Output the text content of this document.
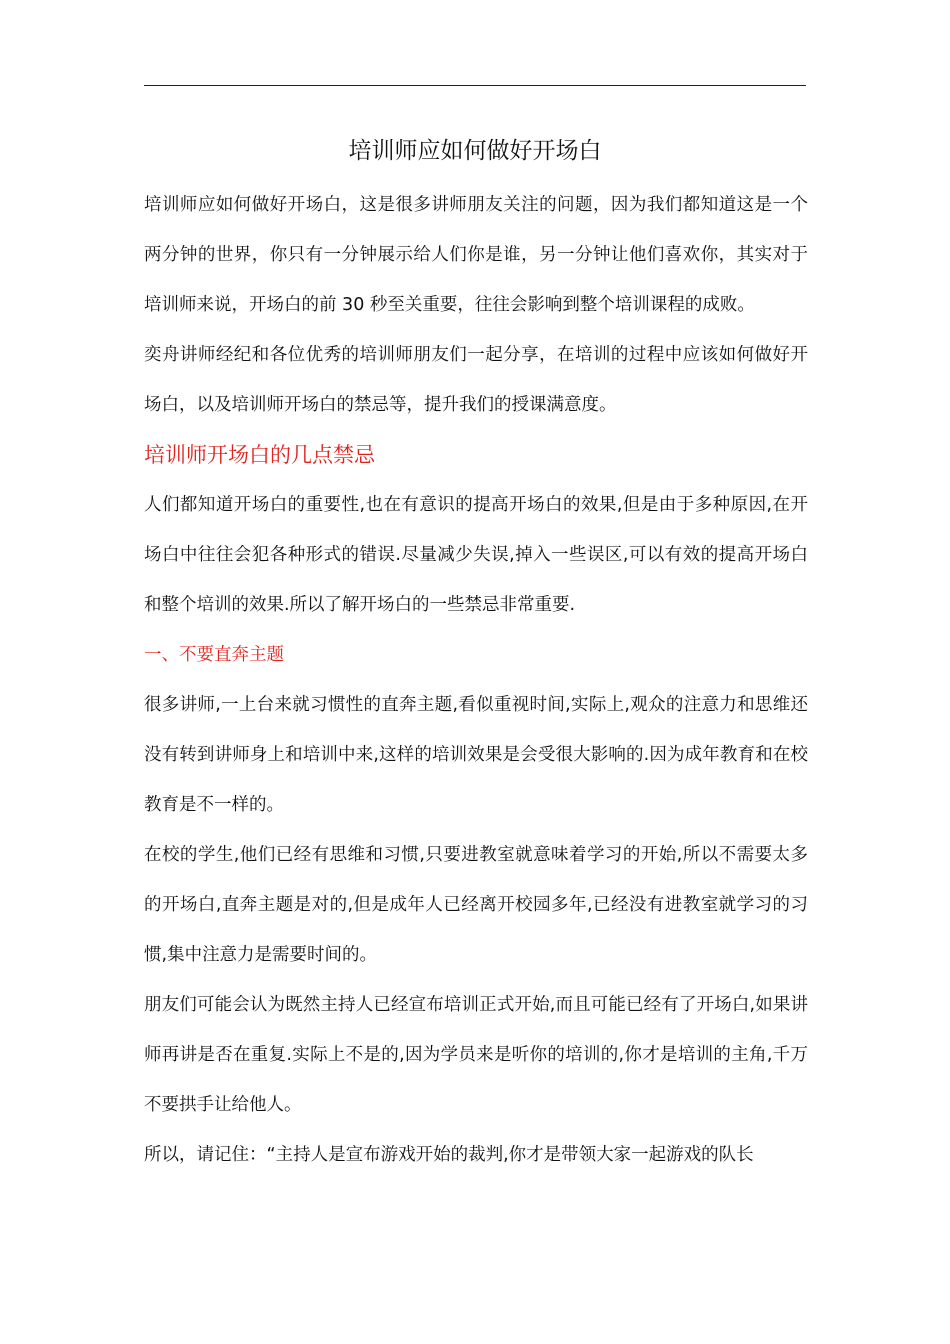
培训师应如何做好开场白

培训师应如何做好开场白，这是很多讲师朋友关注的问题，因为我们都知道这是一个两分钟的世界，你只有一分钟展示给人们你是谁，另一分钟让他们喜欢你，其实对于培训师来说，开场白的前 30 秒至关重要，往往会影响到整个培训课程的成败。

奕舟讲师经纪和各位优秀的培训师朋友们一起分享，在培训的过程中应该如何做好开场白，以及培训师开场白的禁忌等，提升我们的授课满意度。

培训师开场白的几点禁忌

人们都知道开场白的重要性,也在有意识的提高开场白的效果,但是由于多种原因,在开场白中往往会犯各种形式的错误.尽量减少失误,掉入一些误区,可以有效的提高开场白和整个培训的效果.所以了解开场白的一些禁忌非常重要.

一、不要直奔主题

很多讲师,一上台来就习惯性的直奔主题,看似重视时间,实际上,观众的注意力和思维还没有转到讲师身上和培训中来,这样的培训效果是会受很大影响的.因为成年教育和在校教育是不一样的。

在校的学生,他们已经有思维和习惯,只要进教室就意味着学习的开始,所以不需要太多的开场白,直奔主题是对的,但是成年人已经离开校园多年,已经没有进教室就学习的习惯,集中注意力是需要时间的。

朋友们可能会认为既然主持人已经宣布培训正式开始,而且可能已经有了开场白,如果讲师再讲是否在重复.实际上不是的,因为学员来是听你的培训的,你才是培训的主角,千万不要拱手让给他人。

所以，请记住：“主持人是宣布游戏开始的裁判,你才是带领大家一起游戏的队长
